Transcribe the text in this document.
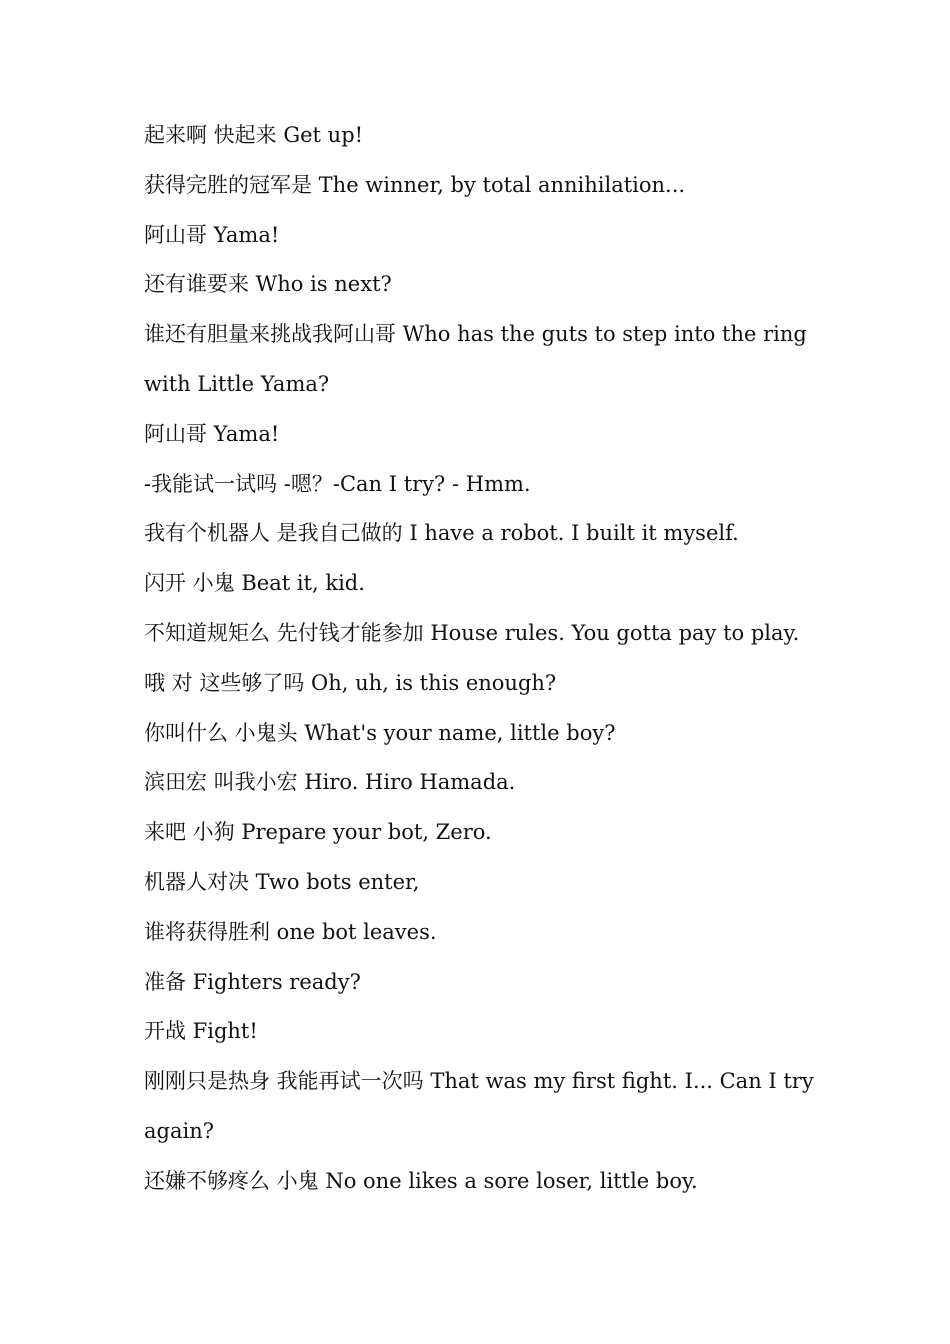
起来啊 快起来 Get up!

获得完胜的冠军是 The winner, by total annihilation...

阿山哥 Yama!

还有谁要来 Who is next?

谁还有胆量来挑战我阿山哥 Who has the guts to step into the ring with Little Yama?

阿山哥 Yama!

-我能试一试吗 -嗯？-Can I try? - Hmm.

我有个机器人 是我自己做的 I have a robot. I built it myself.

闪开 小鬼 Beat it, kid.

不知道规矩么 先付钱才能参加 House rules. You gotta pay to play.

哦 对 这些够了吗 Oh, uh, is this enough?

你叫什么 小鬼头 What's your name, little boy?

滨田宏 叫我小宏 Hiro. Hiro Hamada.

来吧 小狗 Prepare your bot, Zero.

机器人对决 Two bots enter,

谁将获得胜利 one bot leaves.

准备 Fighters ready?

开战 Fight!

刚刚只是热身 我能再试一次吗 That was my first fight. I... Can I try again?

还嫌不够疼么 小鬼 No one likes a sore loser, little boy.
